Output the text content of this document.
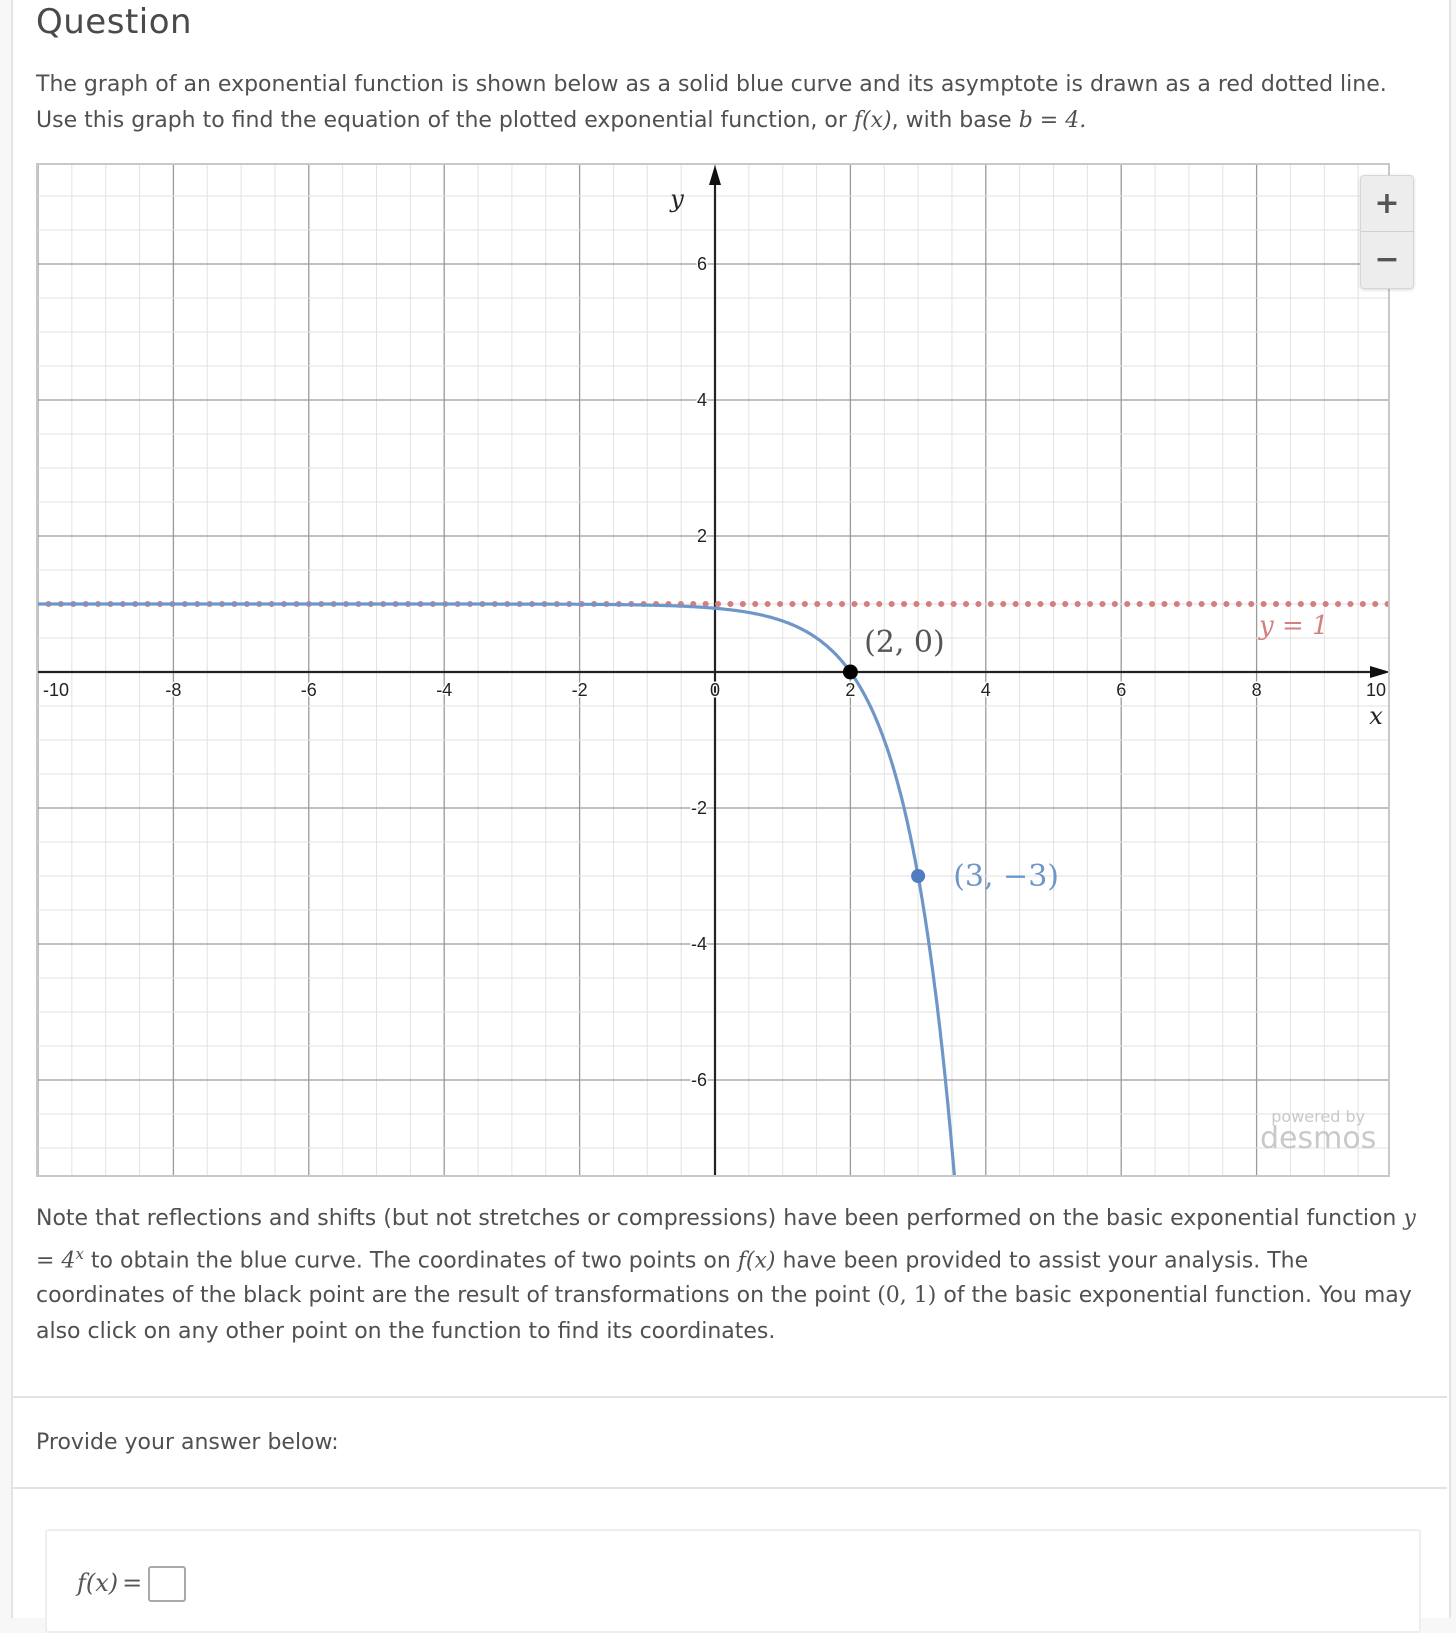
Question
The graph of an exponential function is shown below as a solid blue curve and its asymptote is drawn as a red dotted line.
Use this graph to find the equation of the plotted exponential function, or f(x), with base b = 4.
-10	-8	-6	-4	-2	0	2	4	6	8	10
-6
-4
-2
2
4
6
x
y
y = 1
(2, 0)
(3, −3)
powered by
desmos
+
−
Note that reflections and shifts (but not stretches or compressions) have been performed on the basic exponential function $y = 4^x$ to obtain the blue curve. The coordinates of two points on f(x) have been provided to assist your analysis. The coordinates of the black point are the result of transformations on the point (0, 1) of the basic exponential function. You may also click on any other point on the function to find its coordinates.
Provide your answer below:
f(x) =
